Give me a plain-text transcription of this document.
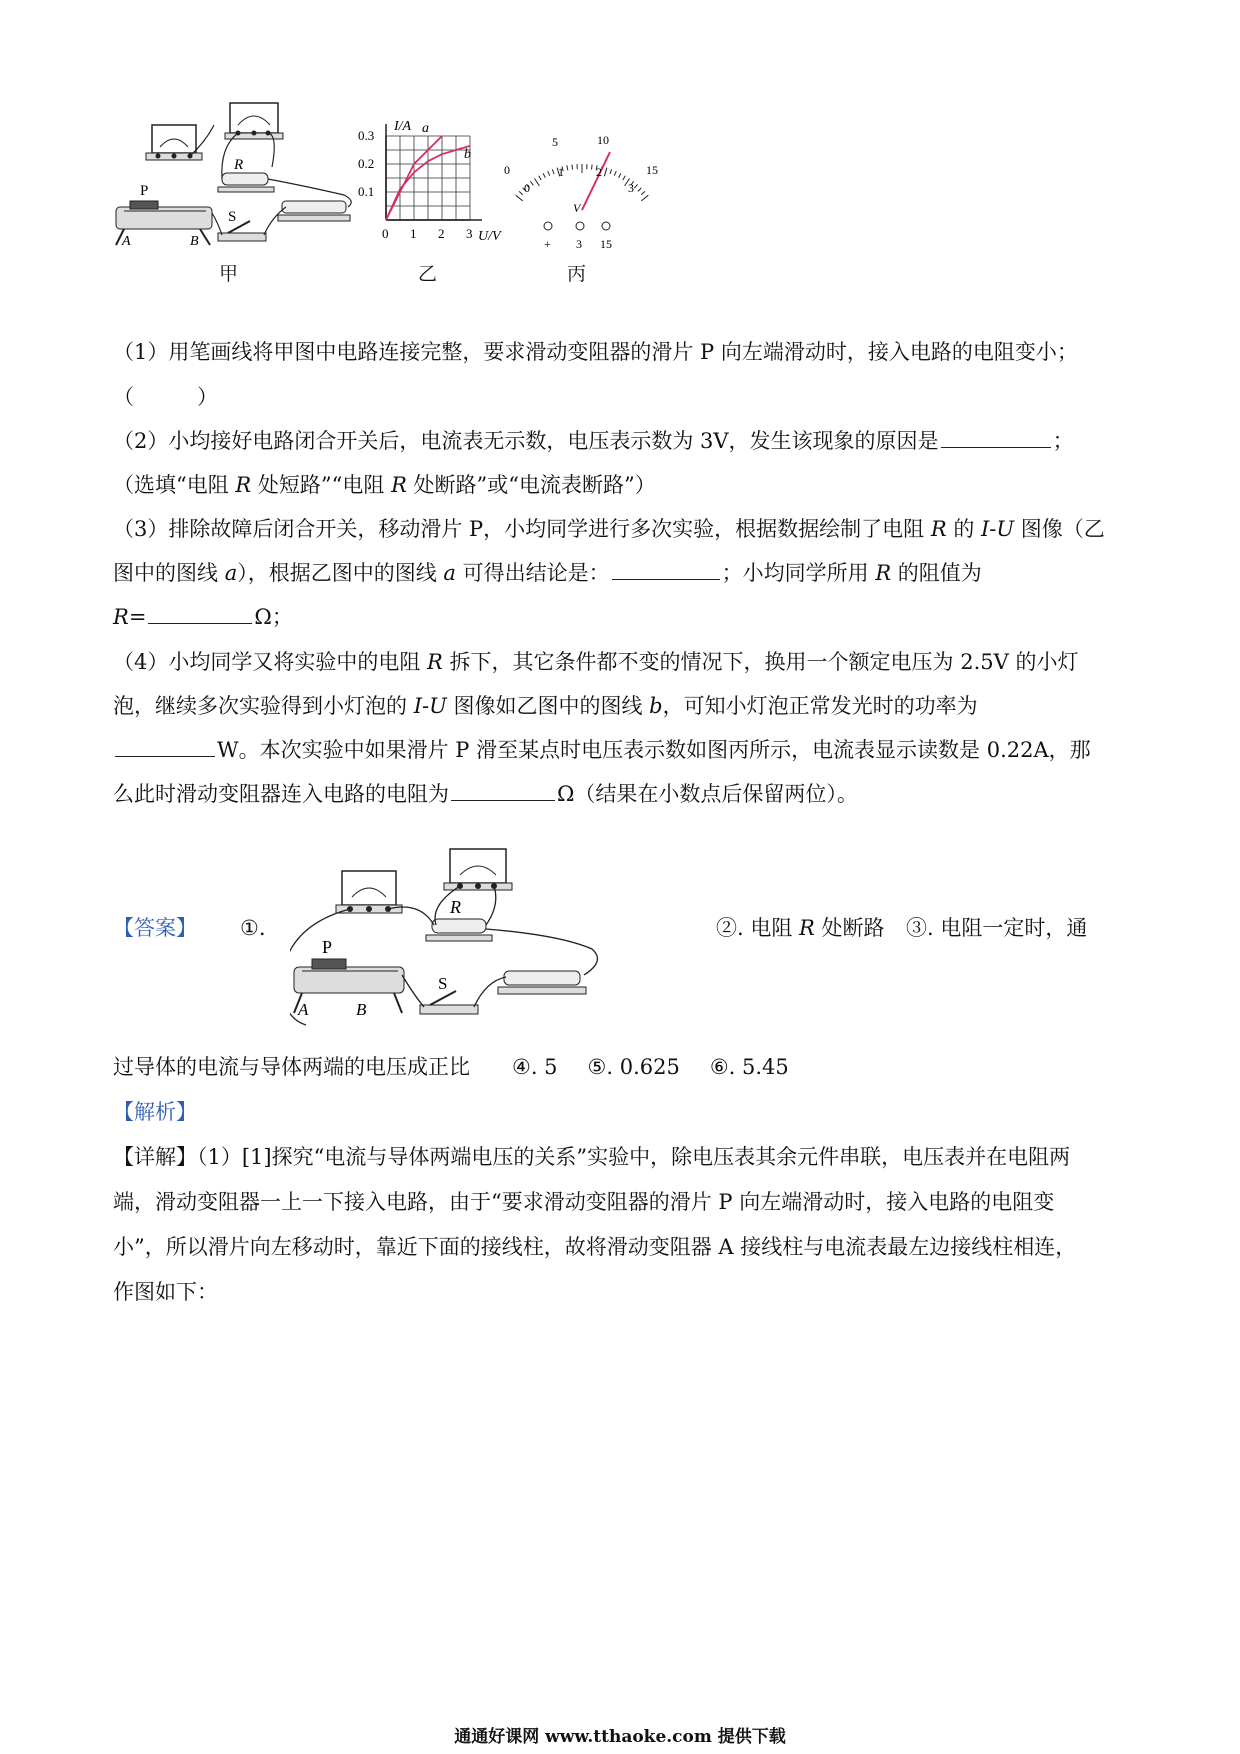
R
P
A	B
S
甲
0 1 2 3
0.3
0.2
0.1
I/A
U/V
a
b
乙
0
5	10
15
0
1	2
3
V
+ 3 15
丙
（1）用笔画线将甲图中电路连接完整，要求滑动变阻器的滑片 P 向左端滑动时，接入电路的电阻变小；
（　　　）
（2）小均接好电路闭合开关后，电流表无示数，电压表示数为 3V，发生该现象的原因是	；
（选填“电阻 R 处短路”“电阻 R 处断路”或“电流表断路”）
（3）排除故障后闭合开关，移动滑片 P，小均同学进行多次实验，根据数据绘制了电阻 R 的 I-U 图像（乙
图中的图线 a），根据乙图中的图线 a 可得出结论是：	；小均同学所用 R 的阻值为
R=	Ω；
（4）小均同学又将实验中的电阻 R 拆下，其它条件都不变的情况下，换用一个额定电压为 2.5V 的小灯
泡，继续多次实验得到小灯泡的 I-U 图像如乙图中的图线 b，可知小灯泡正常发光时的功率为
W。本次实验中如果滑片 P 滑至某点时电压表示数如图丙所示，电流表显示读数是 0.22A，那
么此时滑动变阻器连入电路的电阻为	Ω（结果在小数点后保留两位）。
【答案】 ①.
R
P
A	B
S
②. 电阻 R 处断路 ③. 电阻一定时，通
过导体的电流与导体两端的电压成正比 ④. 5 ⑤. 0.625 ⑥. 5.45
【解析】
【详解】（1）[1]探究“电流与导体两端电压的关系”实验中，除电压表其余元件串联，电压表并在电阻两
端，滑动变阻器一上一下接入电路，由于“要求滑动变阻器的滑片 P 向左端滑动时，接入电路的电阻变
小”，所以滑片向左移动时，靠近下面的接线柱，故将滑动变阻器 A 接线柱与电流表最左边接线柱相连，
作图如下：
通通好课网 www.tthaoke.com 提供下载
